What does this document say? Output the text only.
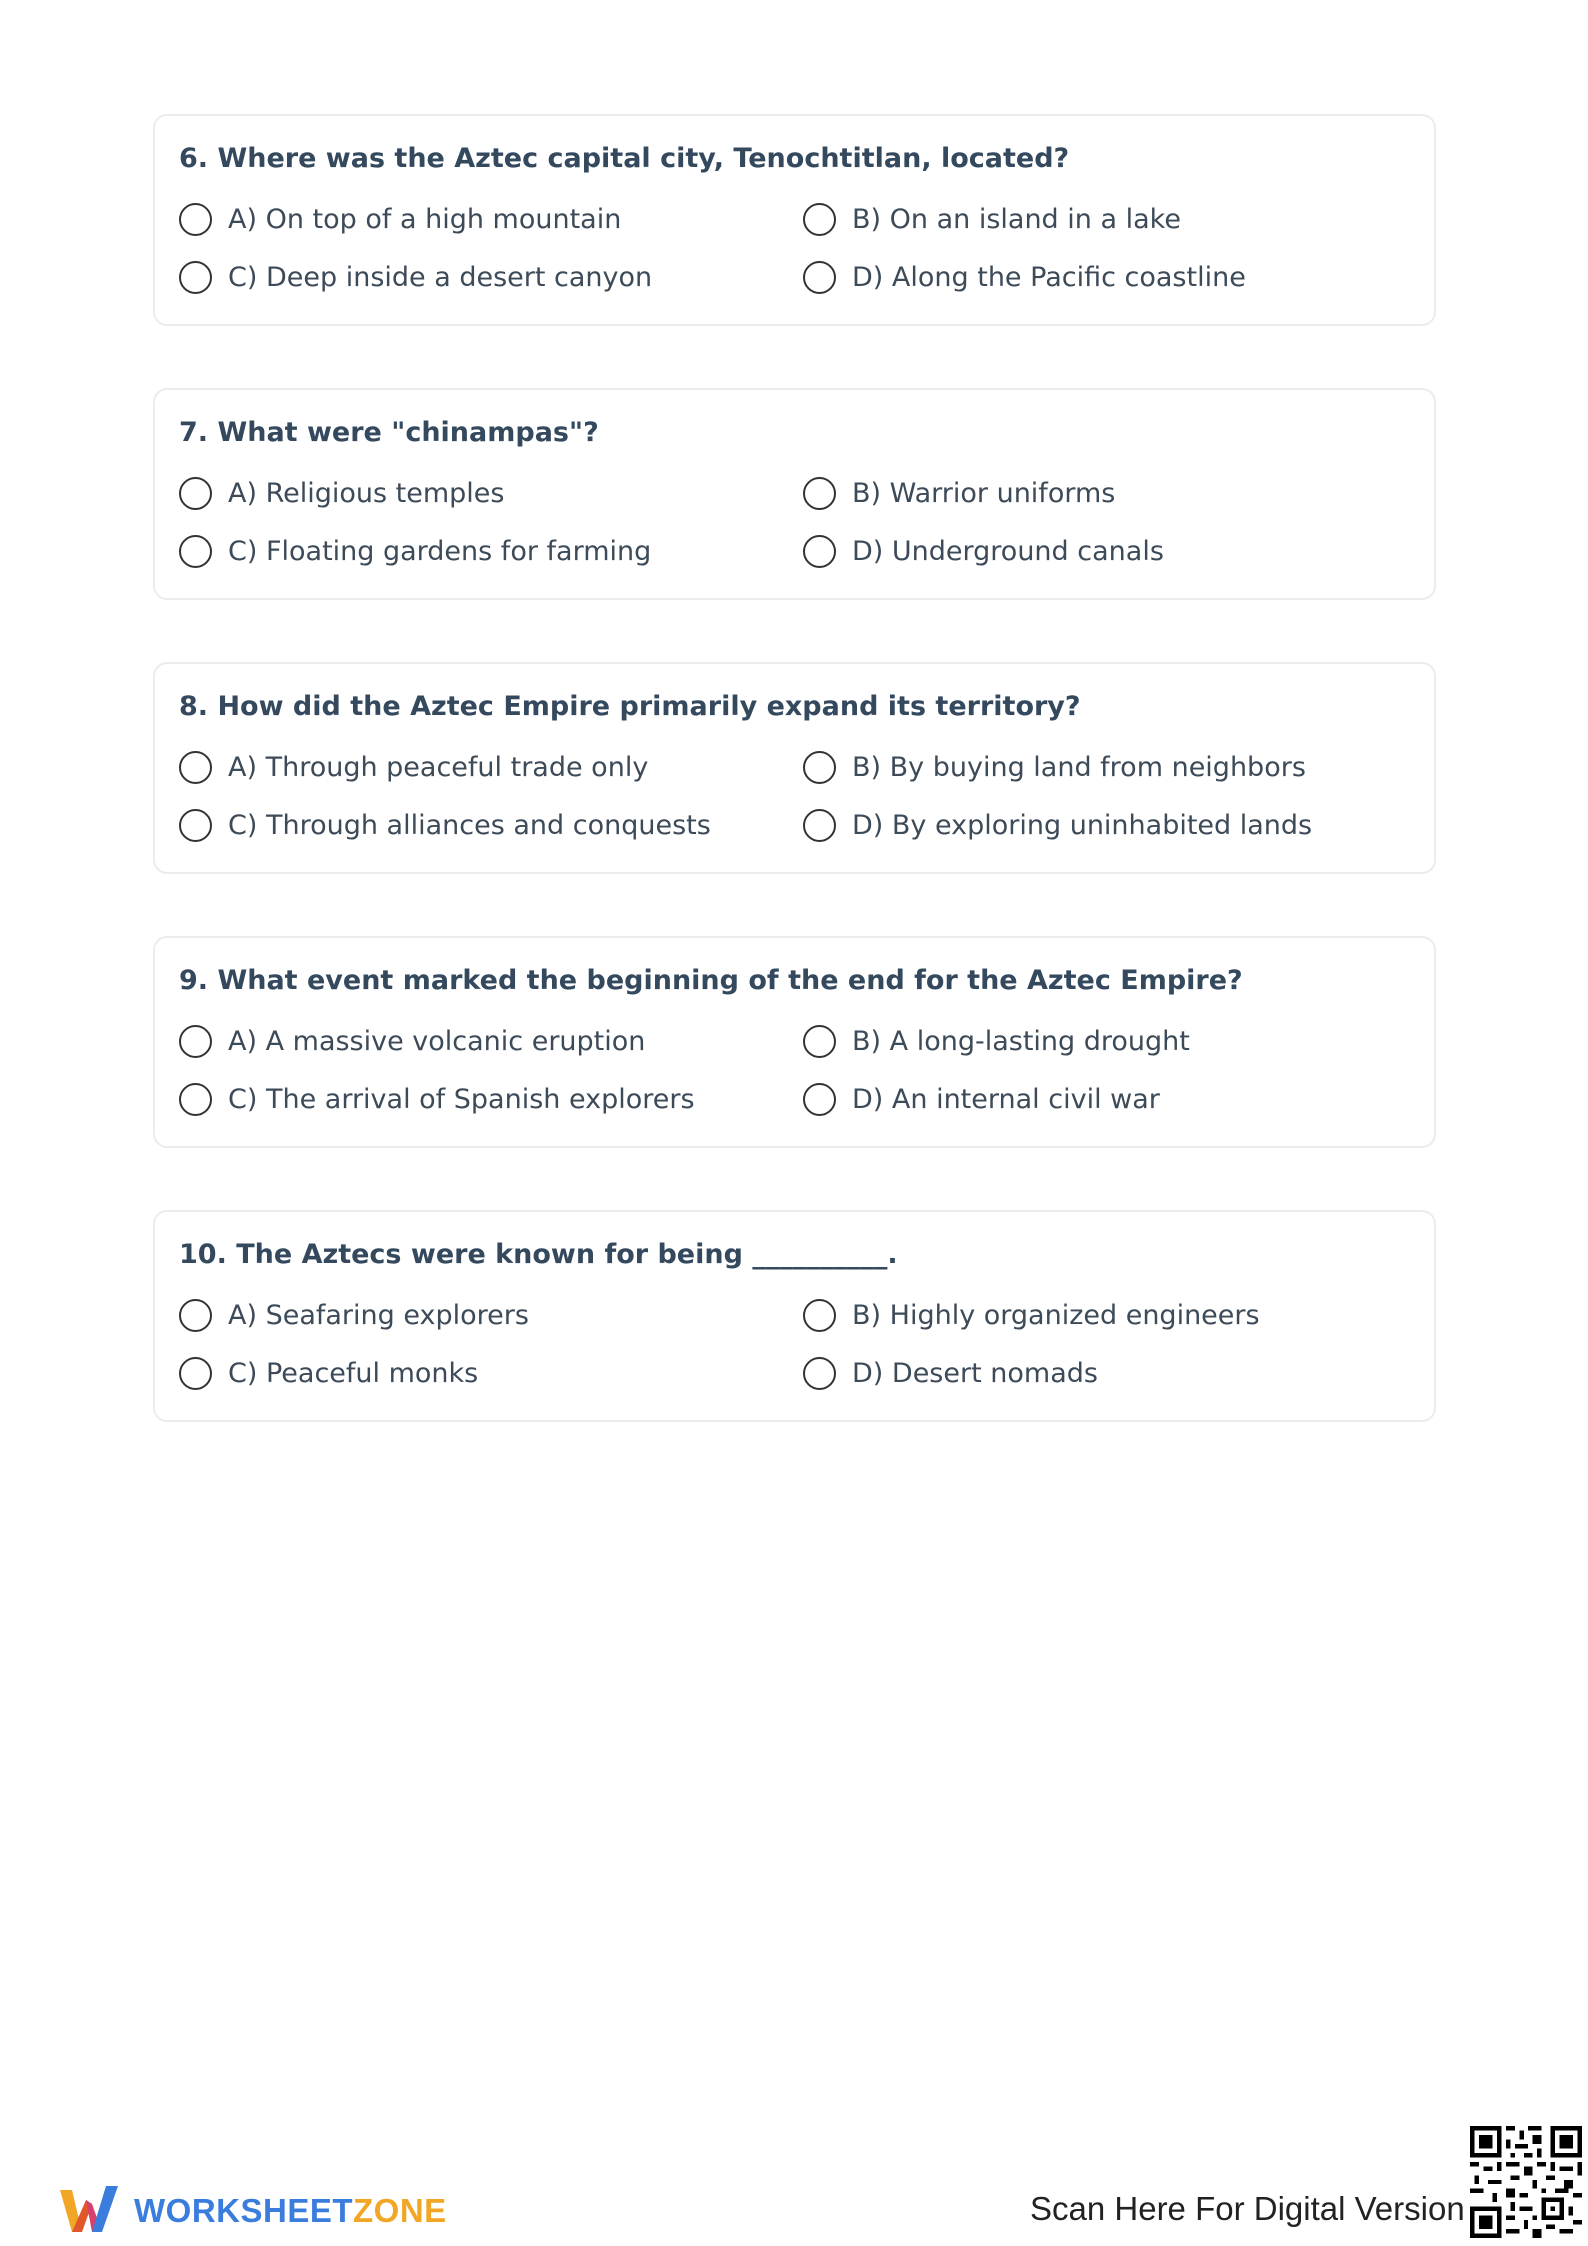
6. Where was the Aztec capital city, Tenochtitlan, located?
A) On top of a high mountain	B) On an island in a lake
C) Deep inside a desert canyon	D) Along the Pacific coastline
7. What were "chinampas"?
A) Religious temples	B) Warrior uniforms
C) Floating gardens for farming	D) Underground canals
8. How did the Aztec Empire primarily expand its territory?
A) Through peaceful trade only	B) By buying land from neighbors
C) Through alliances and conquests	D) By exploring uninhabited lands
9. What event marked the beginning of the end for the Aztec Empire?
A) A massive volcanic eruption	B) A long-lasting drought
C) The arrival of Spanish explorers	D) An internal civil war
10. The Aztecs were known for being __________.
A) Seafaring explorers	B) Highly organized engineers
C) Peaceful monks	D) Desert nomads
WORKSHEETZONE	Scan Here For Digital Version
